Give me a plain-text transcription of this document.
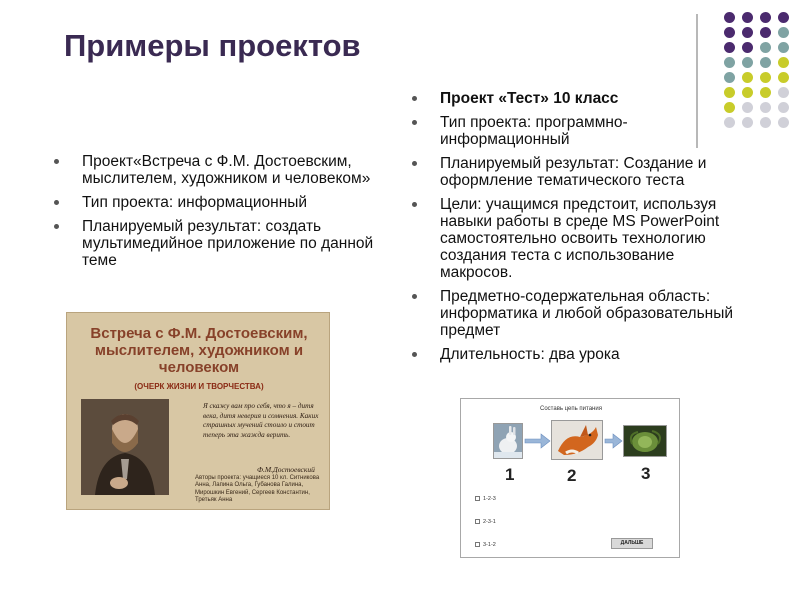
Примеры проектов
Проект«Встреча с Ф.М. Достоевским, мыслителем, художником и человеком»
Тип проекта: информационный
Планируемый результат: создать мультимедийное приложение по данной теме
Проект «Тест» 10 класс
Тип проекта: программно-информационный
Планируемый результат: Создание и оформление тематического теста
Цели: учащимся предстоит, используя навыки работы в среде MS PowerPoint самостоятельно освоить технологию создания теста с использование макросов.
Предметно-содержательная область: информатика и любой образовательный предмет
Длительность: два урока
Встреча с Ф.М. Достоевским, мыслителем, художником и человеком
(ОЧЕРК ЖИЗНИ И ТВОРЧЕСТВА)
Я скажу вам про себя, что я – дитя века, дитя неверия и сомнения. Каких страшных мучений стоило и стоит теперь эта жажда верить.
Ф.М.Достоевский
Авторы проекта: учащиеся 10 кл. Ситникова Анна, Лапина Ольга, Губанова Галина, Мирошкин Евгений, Сергеев Константин, Третьяк Анна
Составь цепь питания
1	2	3
1-2-3
2-3-1
3-1-2	ДАЛЬШЕ
